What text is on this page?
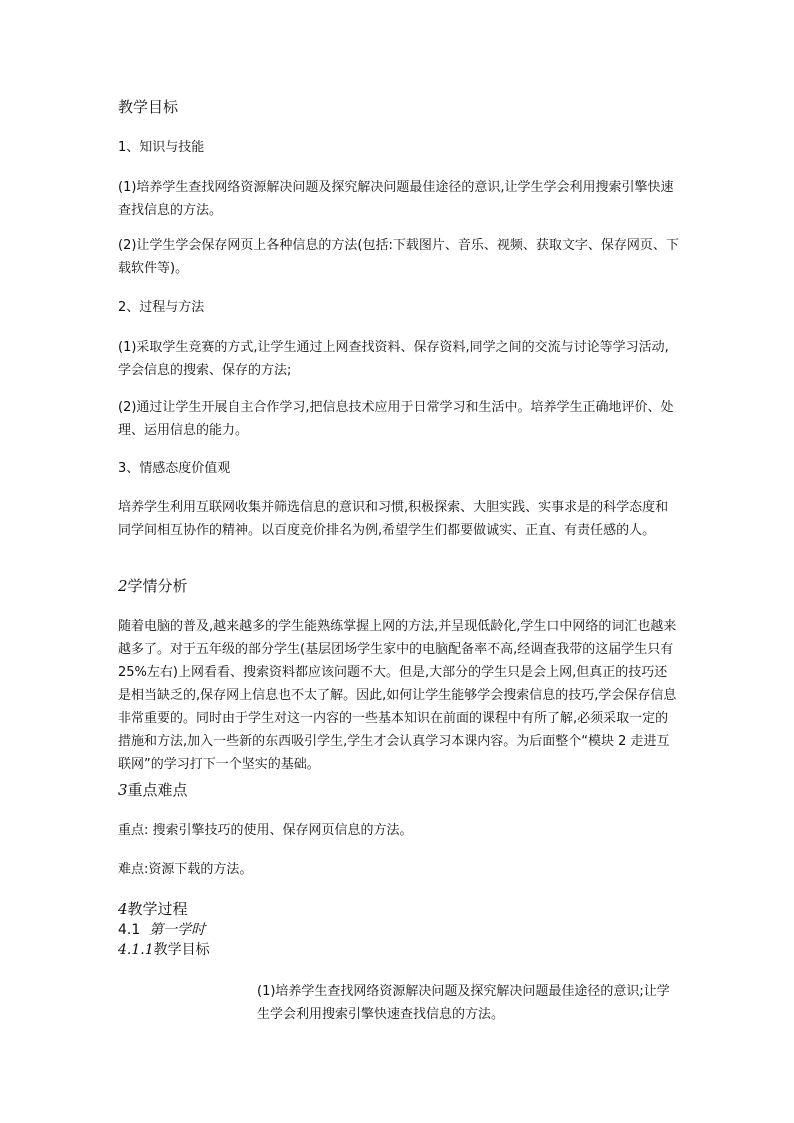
教学目标

1、知识与技能

(1)培养学生查找网络资源解决问题及探究解决问题最佳途径的意识,让学生学会利用搜索引擎快速查找信息的方法。

(2)让学生学会保存网页上各种信息的方法(包括:下载图片、音乐、视频、获取文字、保存网页、下载软件等)。

2、过程与方法

(1)采取学生竞赛的方式,让学生通过上网查找资料、保存资料,同学之间的交流与讨论等学习活动,学会信息的搜索、保存的方法;

(2)通过让学生开展自主合作学习,把信息技术应用于日常学习和生活中。培养学生正确地评价、处理、运用信息的能力。

3、情感态度价值观

培养学生利用互联网收集并筛选信息的意识和习惯,积极探索、大胆实践、实事求是的科学态度和同学间相互协作的精神。以百度竞价排名为例,希望学生们都要做诚实、正直、有责任感的人。

2学情分析

随着电脑的普及,越来越多的学生能熟练掌握上网的方法,并呈现低龄化,学生口中网络的词汇也越来越多了。对于五年级的部分学生(基层团场学生家中的电脑配备率不高,经调查我带的这届学生只有 25%左右)上网看看、搜索资料都应该问题不大。但是,大部分的学生只是会上网,但真正的技巧还是相当缺乏的,保存网上信息也不太了解。因此,如何让学生能够学会搜索信息的技巧,学会保存信息非常重要的。同时由于学生对这一内容的一些基本知识在前面的课程中有所了解,必须采取一定的措施和方法,加入一些新的东西吸引学生,学生才会认真学习本课内容。为后面整个“模块 2 走进互联网”的学习打下一个坚实的基础。

3重点难点

重点: 搜索引擎技巧的使用、保存网页信息的方法。

难点:资源下载的方法。

4教学过程

4.1 第一学时

4.1.1教学目标

(1)培养学生查找网络资源解决问题及探究解决问题最佳途径的意识;让学生学会利用搜索引擎快速查找信息的方法。
